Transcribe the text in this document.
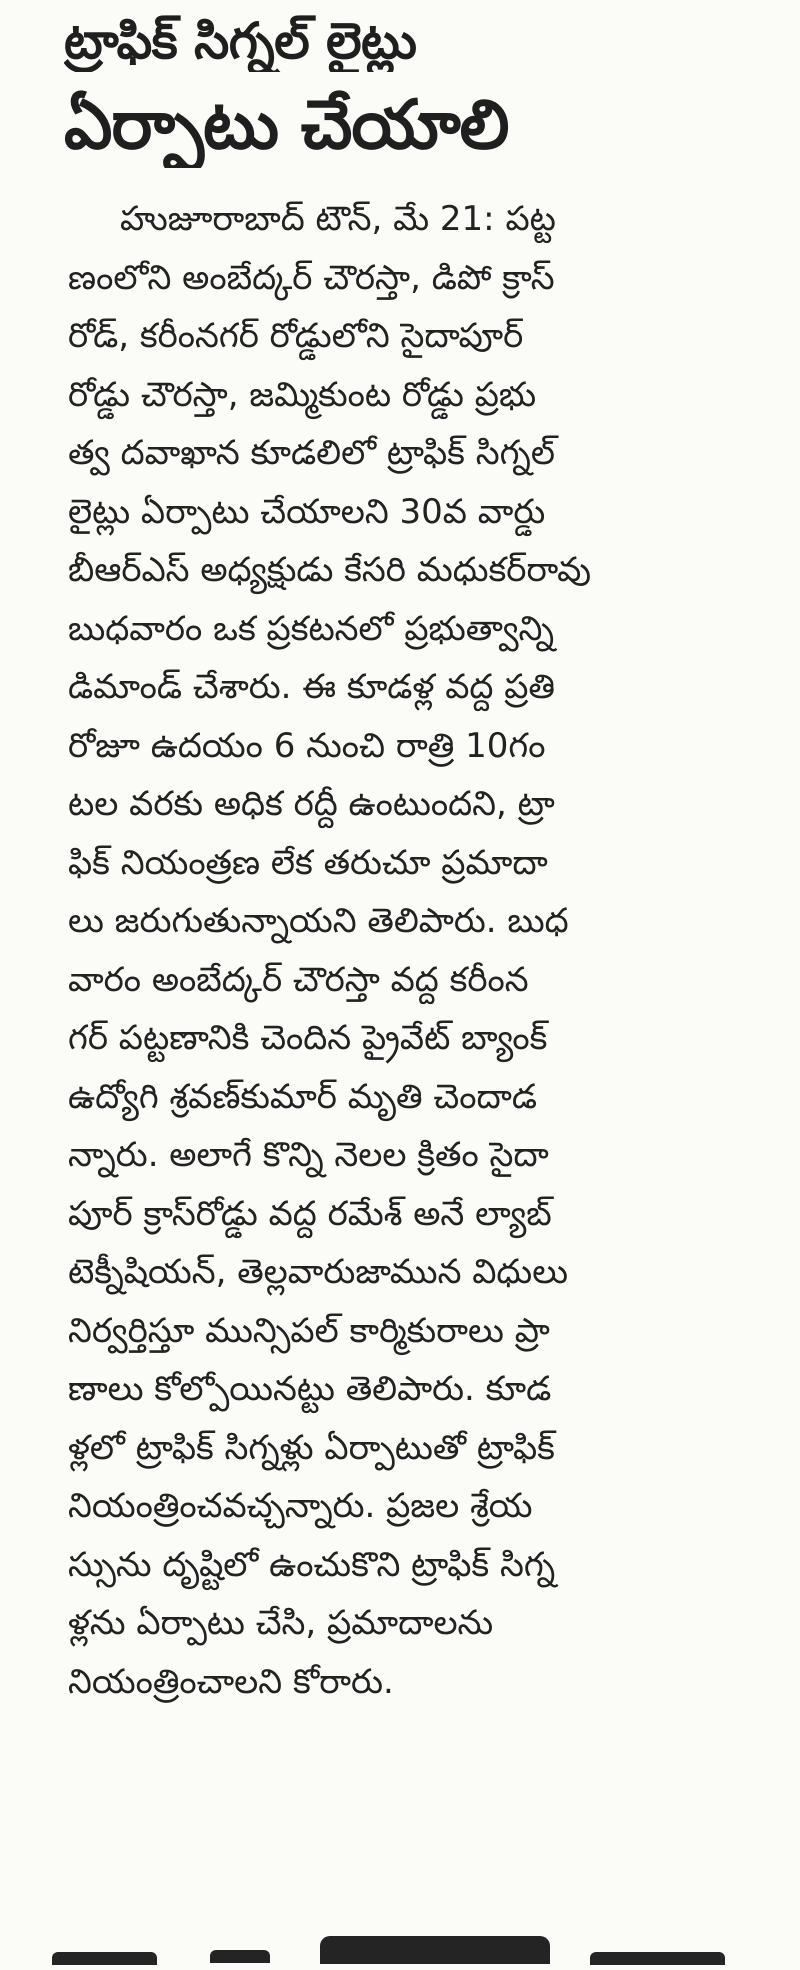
ట్రాఫిక్ సిగ్నల్ లైట్లు
ఏర్పాటు చేయాలి
హుజూరాబాద్ టౌన్, మే 21: పట్ట
ణంలోని అంబేద్కర్ చౌరస్తా, డిపో క్రాస్
రోడ్, కరీంనగర్ రోడ్డులోని సైదాపూర్
రోడ్డు చౌరస్తా, జమ్మికుంట రోడ్డు ప్రభు
త్వ దవాఖాన కూడలిలో ట్రాఫిక్ సిగ్నల్
లైట్లు ఏర్పాటు చేయాలని 30వ వార్డు
బీఆర్ఎస్ అధ్యక్షుడు కేసరి మధుకర్‌రావు
బుధవారం ఒక ప్రకటనలో ప్రభుత్వాన్ని
డిమాండ్ చేశారు. ఈ కూడళ్ల వద్ద ప్రతి
రోజూ ఉదయం 6 నుంచి రాత్రి 10గం
టల వరకు అధిక రద్దీ ఉంటుందని, ట్రా
ఫిక్ నియంత్రణ లేక తరుచూ ప్రమాదా
లు జరుగుతున్నాయని తెలిపారు. బుధ
వారం అంబేద్కర్ చౌరస్తా వద్ద కరీంన
గర్ పట్టణానికి చెందిన ప్రైవేట్ బ్యాంక్
ఉద్యోగి శ్రవణ్‌కుమార్ మృతి చెందాడ
న్నారు. అలాగే కొన్ని నెలల క్రితం సైదా
పూర్ క్రాస్‌రోడ్డు వద్ద రమేశ్ అనే ల్యాబ్
టెక్నీషియన్, తెల్లవారుజామున విధులు
నిర్వర్తిస్తూ మున్సిపల్ కార్మికురాలు ప్రా
ణాలు కోల్పోయినట్టు తెలిపారు. కూడ
ళ్లలో ట్రాఫిక్ సిగ్నళ్లు ఏర్పాటుతో ట్రాఫిక్
నియంత్రించవచ్చన్నారు. ప్రజల శ్రేయ
స్సును దృష్టిలో ఉంచుకొని ట్రాఫిక్ సిగ్న
ళ్లను ఏర్పాటు చేసి, ప్రమాదాలను
నియంత్రించాలని కోరారు.
